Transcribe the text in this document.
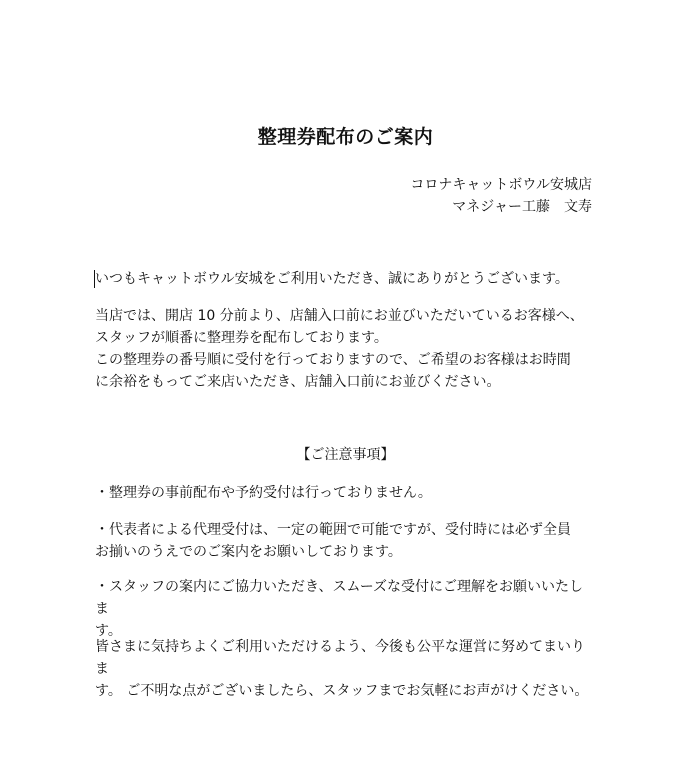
整理券配布のご案内
コロナキャットボウル安城店
マネジャー工藤　文寿

いつもキャットボウル安城をご利用いただき、誠にありがとうございます。

当店では、開店 10 分前より、店舗入口前にお並びいただいているお客様へ、

スタッフが順番に整理券を配布しております。

この整理券の番号順に受付を行っておりますので、ご希望のお客様はお時間

に余裕をもってご来店いただき、店舗入口前にお並びください。

【ご注意事項】

・整理券の事前配布や予約受付は行っておりません。

・代表者による代理受付は、一定の範囲で可能ですが、受付時には必ず全員

お揃いのうえでのご案内をお願いしております。

・スタッフの案内にご協力いただき、スムーズな受付にご理解をお願いいたしま

す。

皆さまに気持ちよくご利用いただけるよう、今後も公平な運営に努めてまいりま

す。 ご不明な点がございましたら、スタッフまでお気軽にお声がけください。
